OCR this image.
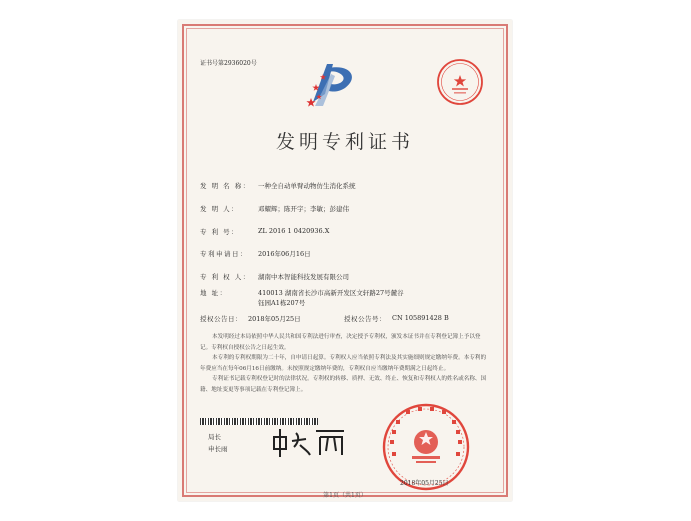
证书号第2936020号
发明专利证书
发 明 名 称： 一种全自动单臂动物仿生消化系统
发 明 人：	邓耀辉；陈开宇；李敏；彭建伟
专 利 号：	ZL 2016 1 0420936.X
专利申请日： 2016年06月16日
专 利 权 人： 湖南中本智能科技发展有限公司
地 址：	410013 湖南省长沙市高新开发区文轩路27号麓谷钰园A1栋207号
授权公告日： 2018年05月25日	授权公告号： CN 105891428 B

本发明经过本局依照中华人民共和国专利法进行审查，决定授予专利权，颁发本证书并在专利登记簿上予以登记。专利权自授权公告之日起生效。

本专利的专利权期限为二十年，自申请日起算。专利权人应当依照专利法及其实施细则规定缴纳年费。本专利的年费应当在每年06月16日前缴纳。未按照规定缴纳年费的，专利权自应当缴纳年费期满之日起终止。

专利证书记载专利权登记时的法律状况。专利权的转移、质押、无效、终止、恢复和专利权人的姓名或名称、国籍、地址变更等事项记载在专利登记簿上。

局长
申长雨
2018年05月25日
第1页（共1页）
